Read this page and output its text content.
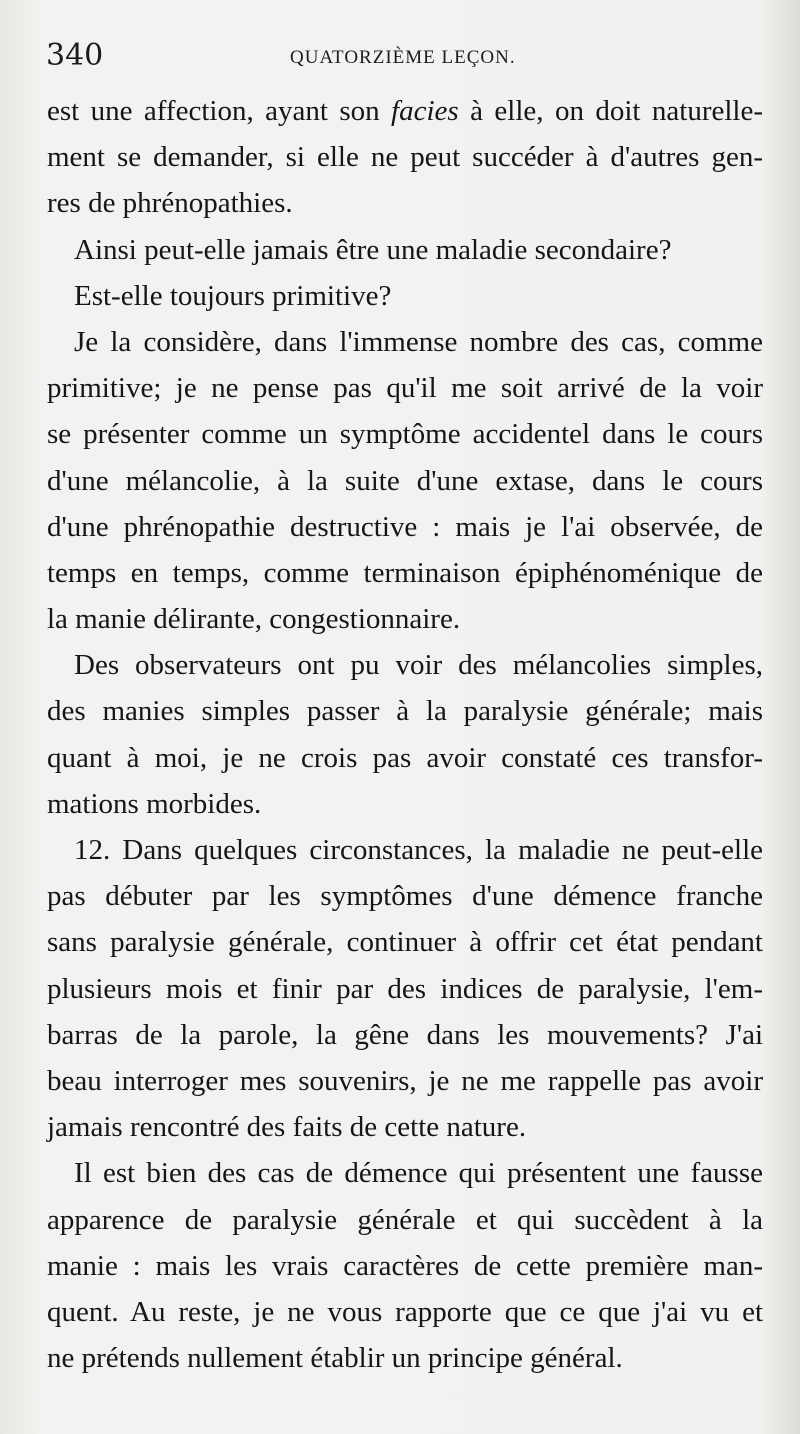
340	QUATORZIÈME LEÇON.
est une affection, ayant son facies à elle, on doit naturelle-
ment se demander, si elle ne peut succéder à d'autres gen-
res de phrénopathies.
Ainsi peut-elle jamais être une maladie secondaire?
Est-elle toujours primitive?
Je la considère, dans l'immense nombre des cas, comme
primitive; je ne pense pas qu'il me soit arrivé de la voir
se présenter comme un symptôme accidentel dans le cours
d'une mélancolie, à la suite d'une extase, dans le cours
d'une phrénopathie destructive : mais je l'ai observée, de
temps en temps, comme terminaison épiphénoménique de
la manie délirante, congestionnaire.
Des observateurs ont pu voir des mélancolies simples,
des manies simples passer à la paralysie générale; mais
quant à moi, je ne crois pas avoir constaté ces transfor-
mations morbides.
12. Dans quelques circonstances, la maladie ne peut-elle
pas débuter par les symptômes d'une démence franche
sans paralysie générale, continuer à offrir cet état pendant
plusieurs mois et finir par des indices de paralysie, l'em-
barras de la parole, la gêne dans les mouvements? J'ai
beau interroger mes souvenirs, je ne me rappelle pas avoir
jamais rencontré des faits de cette nature.
Il est bien des cas de démence qui présentent une fausse
apparence de paralysie générale et qui succèdent à la
manie : mais les vrais caractères de cette première man-
quent. Au reste, je ne vous rapporte que ce que j'ai vu et
ne prétends nullement établir un principe général.
